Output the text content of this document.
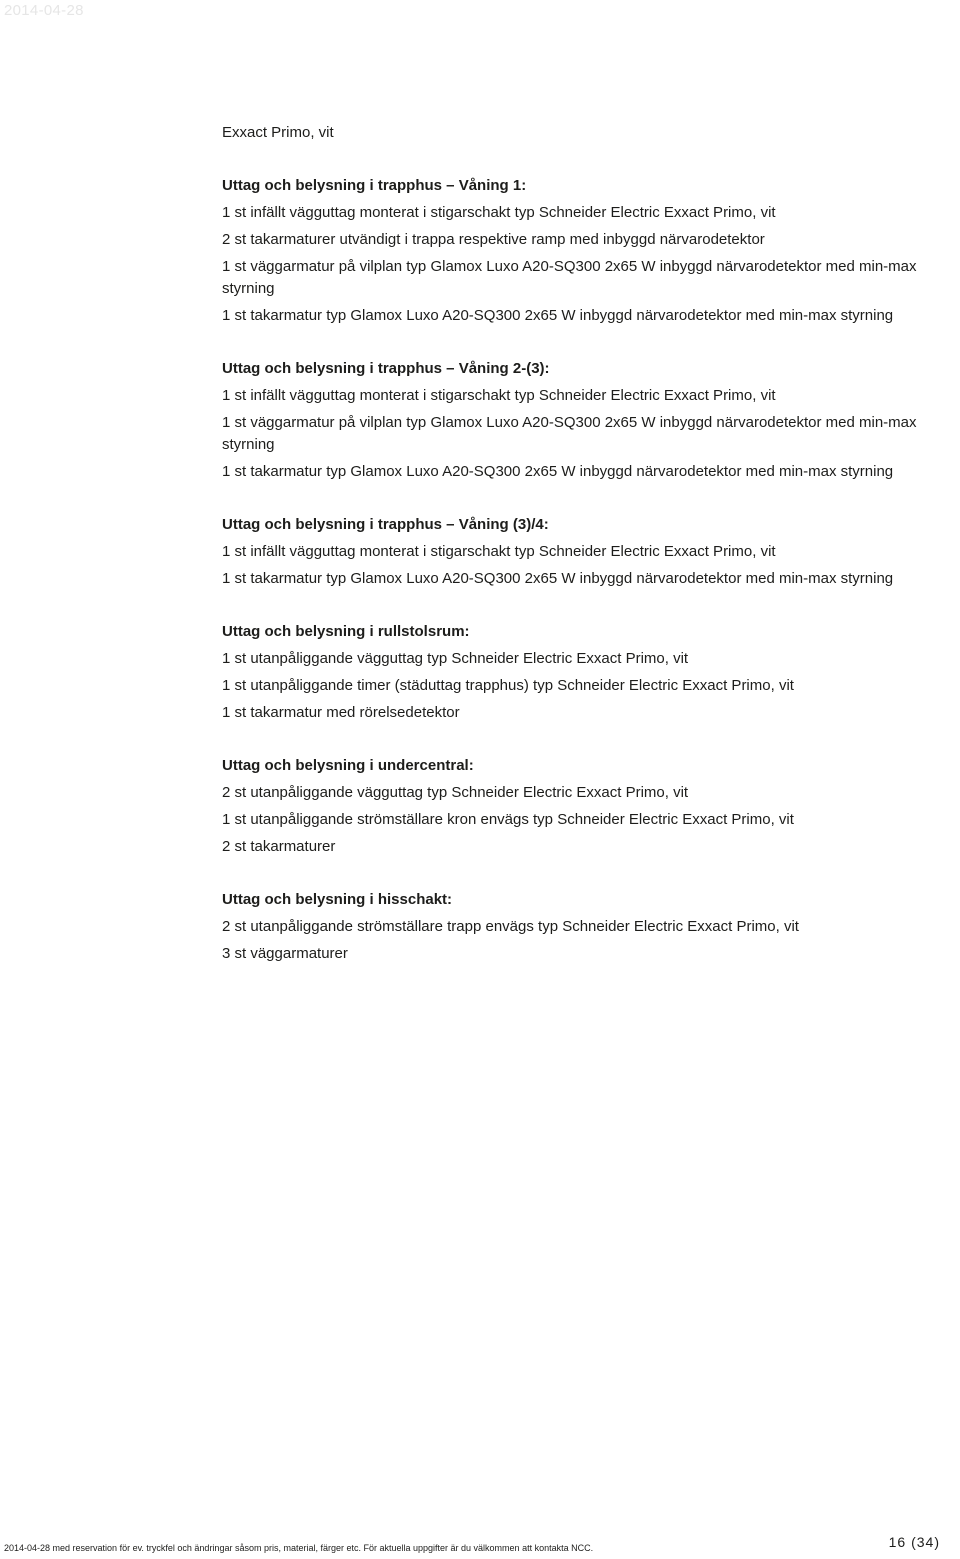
2014-04-28
Exxact Primo, vit
Uttag och belysning i trapphus – Våning 1:
1 st infällt vägguttag monterat i stigarschakt typ Schneider Electric Exxact Primo, vit
2 st takarmaturer utvändigt i trappa respektive ramp med inbyggd närvarodetektor
1 st väggarmatur på vilplan typ Glamox Luxo A20-SQ300 2x65 W inbyggd närvarodetektor med min-max styrning
1 st takarmatur typ Glamox Luxo A20-SQ300 2x65 W inbyggd närvarodetektor med min-max styrning
Uttag och belysning i trapphus – Våning 2-(3):
1 st infällt vägguttag monterat i stigarschakt typ Schneider Electric Exxact Primo, vit
1 st väggarmatur på vilplan typ Glamox Luxo A20-SQ300 2x65 W inbyggd närvarodetektor med min-max styrning
1 st takarmatur typ Glamox Luxo A20-SQ300 2x65 W inbyggd närvarodetektor med min-max styrning
Uttag och belysning i trapphus – Våning (3)/4:
1 st infällt vägguttag monterat i stigarschakt typ Schneider Electric Exxact Primo, vit
1 st takarmatur typ Glamox Luxo A20-SQ300 2x65 W inbyggd närvarodetektor med min-max styrning
Uttag och belysning i rullstolsrum:
1 st utanpåliggande vägguttag typ Schneider Electric Exxact Primo, vit
1 st utanpåliggande timer (städuttag trapphus) typ Schneider Electric Exxact Primo, vit
1 st takarmatur med rörelsedetektor
Uttag och belysning i undercentral:
2 st utanpåliggande vägguttag typ Schneider Electric Exxact Primo, vit
1 st utanpåliggande strömställare kron envägs typ Schneider Electric Exxact Primo, vit
2 st takarmaturer
Uttag och belysning i hisschakt:
2 st utanpåliggande strömställare trapp envägs typ Schneider Electric Exxact Primo, vit
3 st väggarmaturer
2014-04-28 med reservation för ev. tryckfel och ändringar såsom pris, material, färger etc. För aktuella uppgifter är du välkommen att kontakta NCC.	16 (34)
